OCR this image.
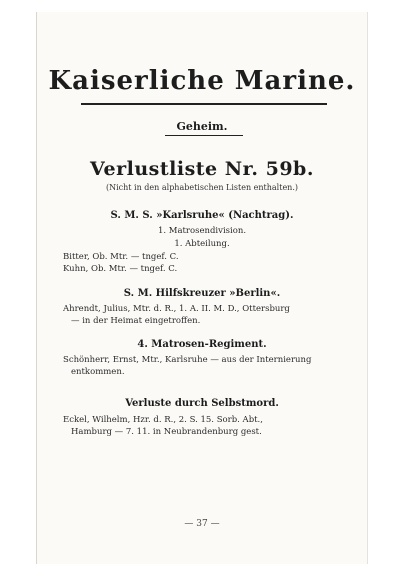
Kaiserliche Marine.
Geheim.
Verlustliste Nr. 59b.
(Nicht in den alphabetischen Listen enthalten.)
S. M. S. »Karlsruhe« (Nachtrag).
1. Matrosendivision.
1. Abteilung.
Bitter, Ob. Mtr. — tngef. C.
Kuhn, Ob. Mtr. — tngef. C.
S. M. Hilfskreuzer »Berlin«.
Ahrendt, Julius, Mtr. d. R., 1. A. II. M. D., Ottersburg
— in der Heimat eingetroffen.
4. Matrosen-Regiment.
Schönherr, Ernst, Mtr., Karlsruhe — aus der Internierung
entkommen.
Verluste durch Selbstmord.
Eckel, Wilhelm, Hzr. d. R., 2. S. 15. Sorb. Abt.,
Hamburg — 7. 11. in Neubrandenburg gest.
— 37 —
